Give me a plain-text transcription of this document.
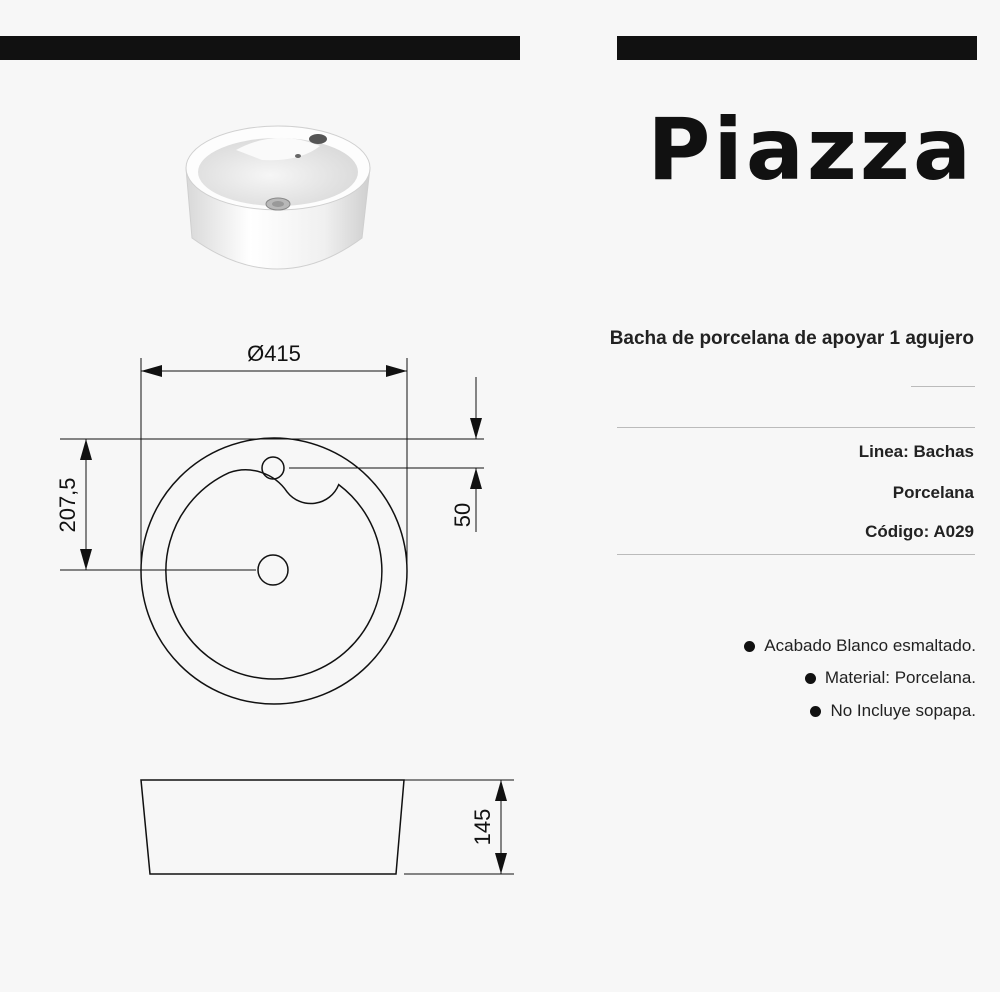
Ø415
207,5	50
145
Piazza
Bacha de porcelana de apoyar 1 agujero
Linea: Bachas
Porcelana
Código: A029
Acabado Blanco esmaltado.
Material: Porcelana.
No Incluye sopapa.
